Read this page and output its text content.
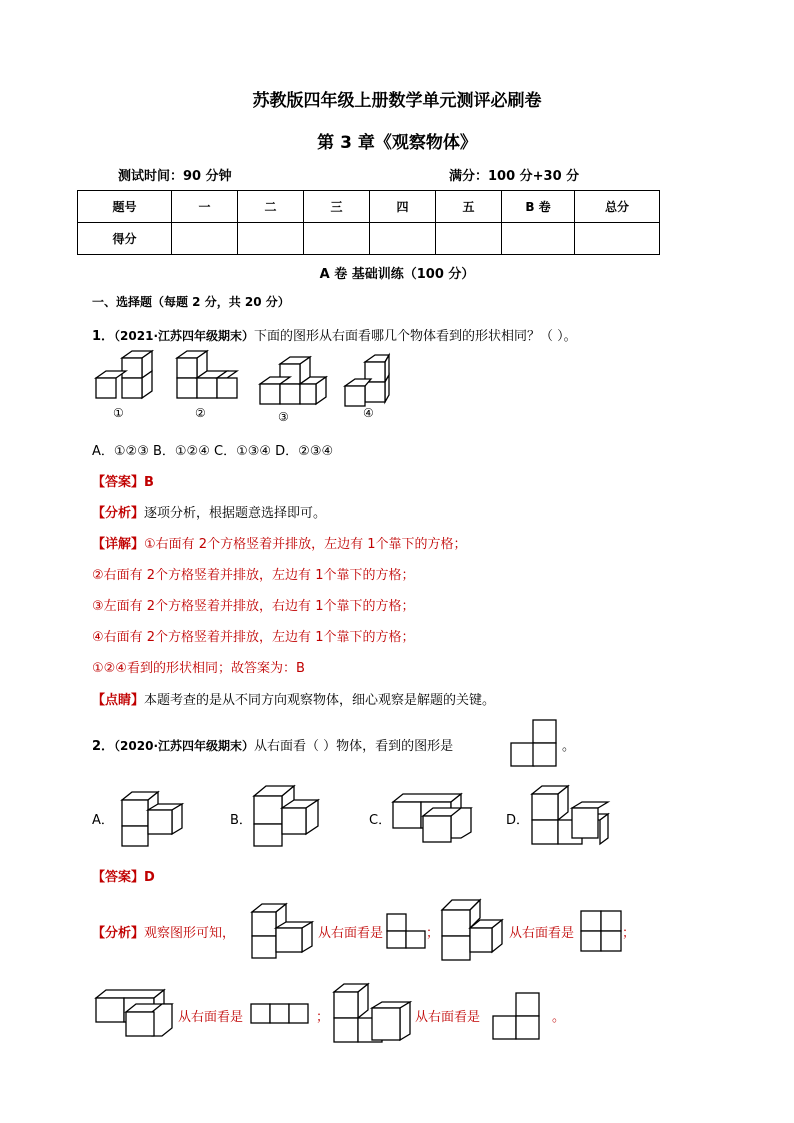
苏教版四年级上册数学单元测评必刷卷
第 3 章《观察物体》
测试时间：90 分钟	满分：100 分+30 分
题号	一	二	三	四	五	B 卷	总分
得分							
A 卷 基础训练（100 分）
一、选择题（每题 2 分，共 20 分）
1．（2021·江苏四年级期末）下面的图形从右面看哪几个物体看到的形状相同？（ ）。
①	②	③	④
A．①②③ B．①②④ C．①③④ D．②③④
【答案】B
【分析】逐项分析，根据题意选择即可。
【详解】①右面有 2个方格竖着并排放，左边有 1个靠下的方格；
②右面有 2个方格竖着并排放，左边有 1个靠下的方格；
③左面有 2个方格竖着并排放，右边有 1个靠下的方格；
④右面有 2个方格竖着并排放，左边有 1个靠下的方格；
①②④看到的形状相同；故答案为：B
【点睛】本题考查的是从不同方向观察物体，细心观察是解题的关键。
2．（2020·江苏四年级期末）从右面看（ ）物体，看到的图形是	。
A．	B．	C．	D．
【答案】D
【分析】观察图形可知，	从右面看是	；	从右面看是	；
从右面看是	；	从右面看是	。
